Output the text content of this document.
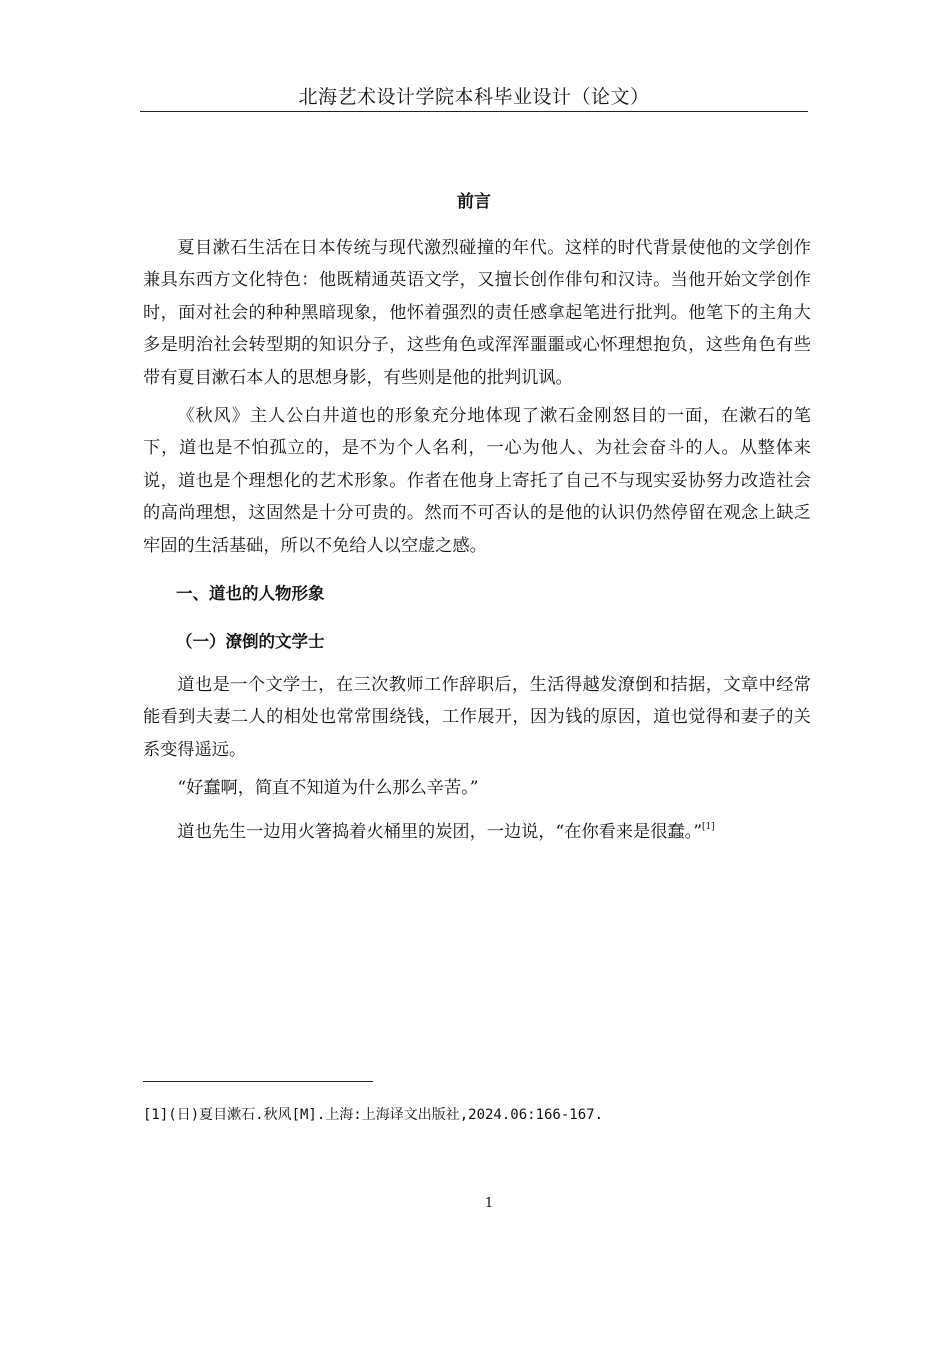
北海艺术设计学院本科毕业设计（论文）
前言

夏目漱石生活在日本传统与现代激烈碰撞的年代。这样的时代背景使他的文学创作兼具东西方文化特色：他既精通英语文学，又擅长创作俳句和汉诗。当他开始文学创作时，面对社会的种种黑暗现象，他怀着强烈的责任感拿起笔进行批判。他笔下的主角大多是明治社会转型期的知识分子，这些角色或浑浑噩噩或心怀理想抱负，这些角色有些带有夏目漱石本人的思想身影，有些则是他的批判讥讽。

《秋风》主人公白井道也的形象充分地体现了漱石金刚怒目的一面，在漱石的笔下，道也是不怕孤立的，是不为个人名利，一心为他人、为社会奋斗的人。从整体来说，道也是个理想化的艺术形象。作者在他身上寄托了自己不与现实妥协努力改造社会的高尚理想，这固然是十分可贵的。然而不可否认的是他的认识仍然停留在观念上缺乏牢固的生活基础，所以不免给人以空虚之感。

一、道也的人物形象
（一）潦倒的文学士

道也是一个文学士，在三次教师工作辞职后，生活得越发潦倒和拮据，文章中经常能看到夫妻二人的相处也常常围绕钱，工作展开，因为钱的原因，道也觉得和妻子的关系变得遥远。

“好蠢啊，简直不知道为什么那么辛苦。”

道也先生一边用火箸捣着火桶里的炭团，一边说，“在你看来是很蠢。”[1]

[1](日)夏目漱石.秋风[M].上海:上海译文出版社,2024.06:166-167.
1
